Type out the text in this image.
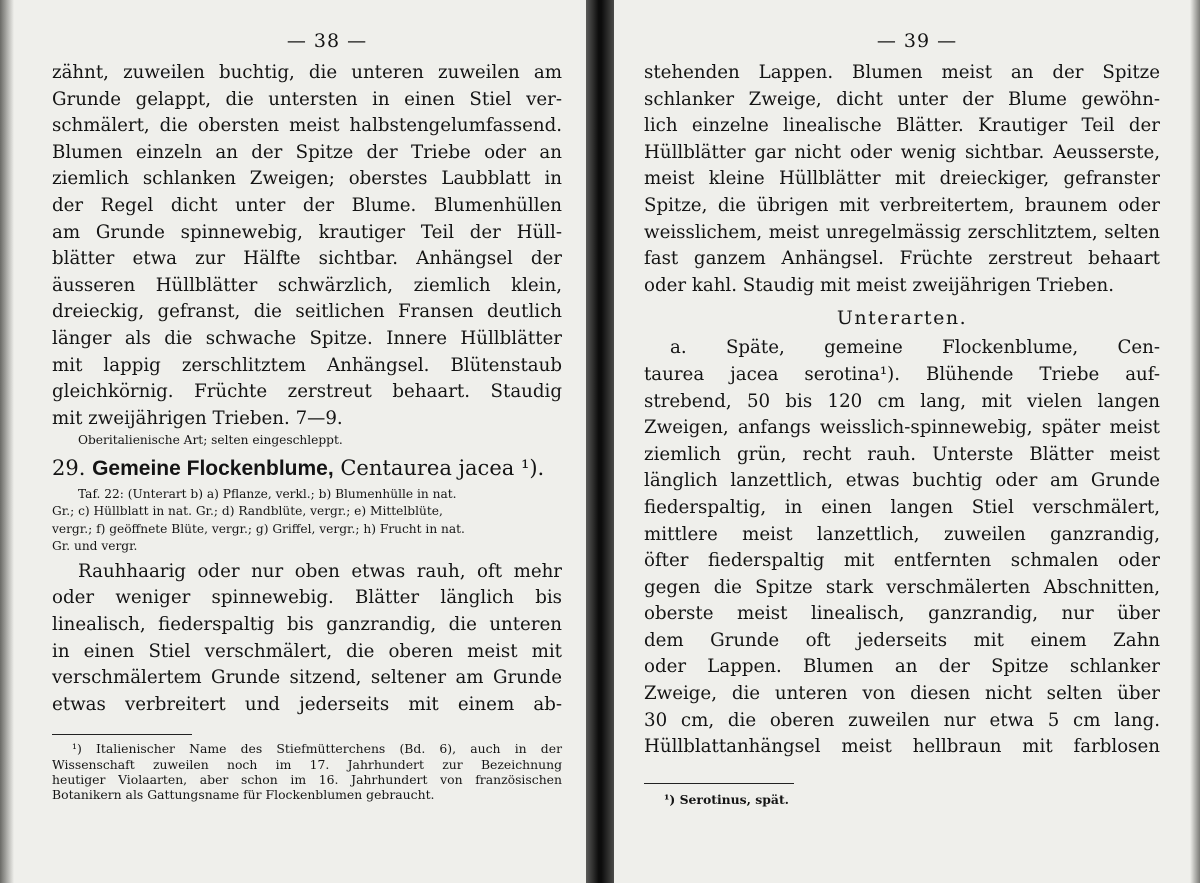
— 38 —
zähnt, zuweilen buchtig, die unteren zuweilen am
Grunde gelappt, die untersten in einen Stiel ver-
schmälert, die obersten meist halbstengelumfassend.
Blumen einzeln an der Spitze der Triebe oder an
ziemlich schlanken Zweigen; oberstes Laubblatt in
der Regel dicht unter der Blume. Blumenhüllen
am Grunde spinnewebig, krautiger Teil der Hüll-
blätter etwa zur Hälfte sichtbar. Anhängsel der
äusseren Hüllblätter schwärzlich, ziemlich klein,
dreieckig, gefranst, die seitlichen Fransen deutlich
länger als die schwache Spitze. Innere Hüllblätter
mit lappig zerschlitztem Anhängsel. Blütenstaub
gleichkörnig. Früchte zerstreut behaart. Staudig
mit zweijährigen Trieben. 7—9.
Oberitalienische Art; selten eingeschleppt.
29. Gemeine Flockenblume, Centaurea jacea ¹).
Taf. 22: (Unterart b) a) Pflanze, verkl.; b) Blumenhülle in nat.
Gr.; c) Hüllblatt in nat. Gr.; d) Randblüte, vergr.; e) Mittelblüte,
vergr.; f) geöffnete Blüte, vergr.; g) Griffel, vergr.; h) Frucht in nat.
Gr. und vergr.
Rauhhaarig oder nur oben etwas rauh, oft mehr
oder weniger spinnewebig. Blätter länglich bis
linealisch, fiederspaltig bis ganzrandig, die unteren
in einen Stiel verschmälert, die oberen meist mit
verschmälertem Grunde sitzend, seltener am Grunde
etwas verbreitert und jederseits mit einem ab-
¹) Italienischer Name des Stiefmütterchens (Bd. 6), auch in der
Wissenschaft zuweilen noch im 17. Jahrhundert zur Bezeichnung
heutiger Violaarten, aber schon im 16. Jahrhundert von französischen
Botanikern als Gattungsname für Flockenblumen gebraucht.
— 39 —
stehenden Lappen. Blumen meist an der Spitze
schlanker Zweige, dicht unter der Blume gewöhn-
lich einzelne linealische Blätter. Krautiger Teil der
Hüllblätter gar nicht oder wenig sichtbar. Aeusserste,
meist kleine Hüllblätter mit dreieckiger, gefranster
Spitze, die übrigen mit verbreitertem, braunem oder
weisslichem, meist unregelmässig zerschlitztem, selten
fast ganzem Anhängsel. Früchte zerstreut behaart
oder kahl. Staudig mit meist zweijährigen Trieben.
Unterarten.
a. Späte, gemeine Flockenblume, Cen-
taurea jacea serotina¹). Blühende Triebe auf-
strebend, 50 bis 120 cm lang, mit vielen langen
Zweigen, anfangs weisslich-spinnewebig, später meist
ziemlich grün, recht rauh. Unterste Blätter meist
länglich lanzettlich, etwas buchtig oder am Grunde
fiederspaltig, in einen langen Stiel verschmälert,
mittlere meist lanzettlich, zuweilen ganzrandig,
öfter fiederspaltig mit entfernten schmalen oder
gegen die Spitze stark verschmälerten Abschnitten,
oberste meist linealisch, ganzrandig, nur über
dem Grunde oft jederseits mit einem Zahn
oder Lappen. Blumen an der Spitze schlanker
Zweige, die unteren von diesen nicht selten über
30 cm, die oberen zuweilen nur etwa 5 cm lang.
Hüllblattanhängsel meist hellbraun mit farblosen
¹) Serotinus, spät.
